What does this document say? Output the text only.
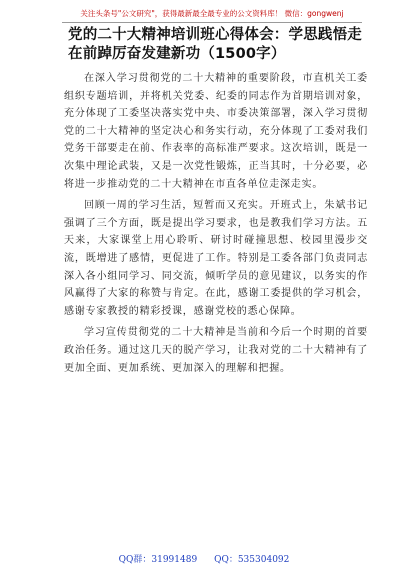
关注头条号"公文研究"，获得最新最全最专业的公文资料库！ 微信：gongwenj
党的二十大精神培训班心得体会：学思践悟走在前踔厉奋发建新功（1500字）

在深入学习贯彻党的二十大精神的重要阶段，市直机关工委组织专题培训，并将机关党委、纪委的同志作为首期培训对象，充分体现了工委坚决落实党中央、市委决策部署，深入学习贯彻党的二十大精神的坚定决心和务实行动，充分体现了工委对我们党务干部要走在前、作表率的高标准严要求。这次培训，既是一次集中理论武装，又是一次党性锻炼，正当其时，十分必要，必将进一步推动党的二十大精神在市直各单位走深走实。

回顾一周的学习生活，短暂而又充实。开班式上，朱斌书记强调了三个方面，既是提出学习要求，也是教我们学习方法。五天来，大家课堂上用心聆听、研讨时碰撞思想、校园里漫步交流，既增进了感情，更促进了工作。特别是工委各部门负责同志深入各小组同学习、同交流，倾听学员的意见建议，以务实的作风赢得了大家的称赞与肯定。在此，感谢工委提供的学习机会，感谢专家教授的精彩授课，感谢党校的悉心保障。

学习宣传贯彻党的二十大精神是当前和今后一个时期的首要政治任务。通过这几天的脱产学习，让我对党的二十大精神有了更加全面、更加系统、更加深入的理解和把握。

QQ群：31991489 QQ：535304092
